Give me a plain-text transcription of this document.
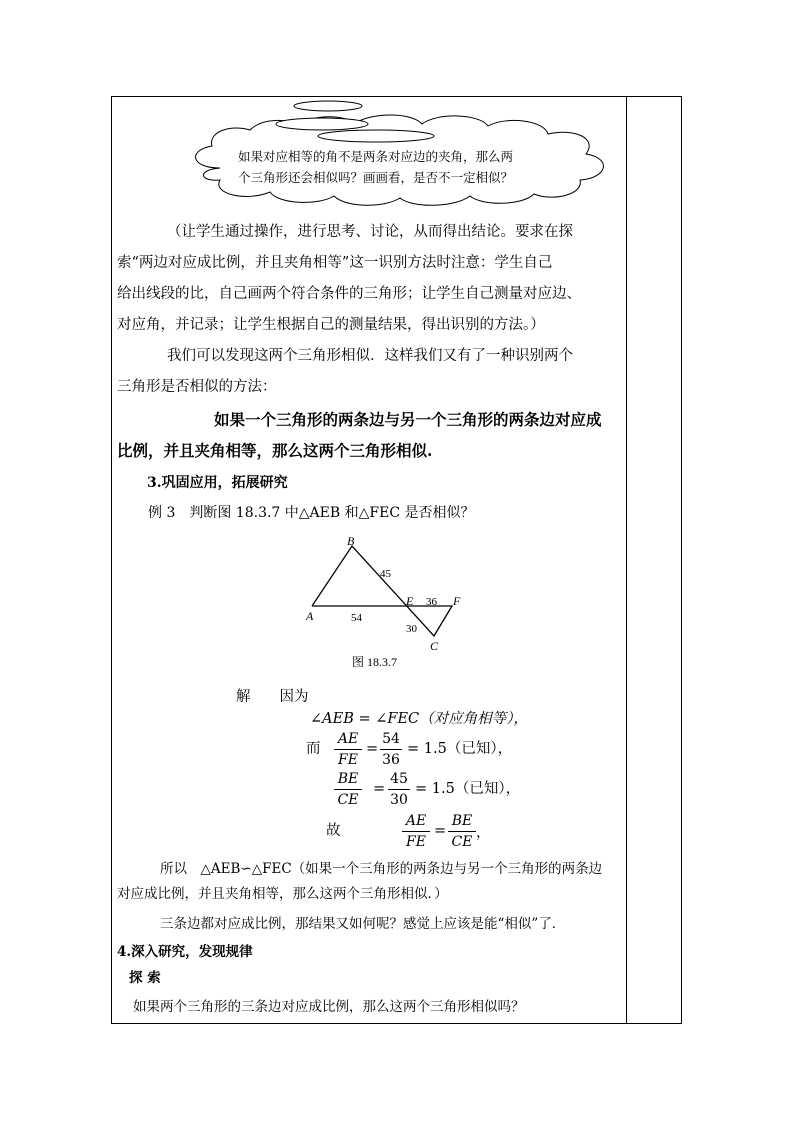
如果对应相等的角不是两条对应边的夹角，那么两
个三角形还会相似吗？画画看，是否不一定相似？
（让学生通过操作，进行思考、讨论，从而得出结论。要求在探
索“两边对应成比例，并且夹角相等”这一识别方法时注意：学生自己
给出线段的比，自己画两个符合条件的三角形；让学生自己测量对应边、
对应角，并记录；让学生根据自己的测量结果，得出识别的方法。）
我们可以发现这两个三角形相似．这样我们又有了一种识别两个
三角形是否相似的方法：
如果一个三角形的两条边与另一个三角形的两条边对应成
比例，并且夹角相等，那么这两个三角形相似.
3.巩固应用，拓展研究
例 3　判断图 18.3.7 中△AEB 和△FEC 是否相似？
B
A
E	F
C
45
54
36
30
图 18.3.7
解　　因为
∠AEB = ∠FEC（对应角相等），
而
AE
FE
=
54
36
= 1.5（已知），
BE
CE
=
45
30
= 1.5（已知），
故
AE
FE
=
BE
CE
，
所以　△AEB∽△FEC（如果一个三角形的两条边与另一个三角形的两条边
对应成比例，并且夹角相等，那么这两个三角形相似．）
三条边都对应成比例，那结果又如何呢？感觉上应该是能“相似”了．
4.深入研究，发现规律
探 索
如果两个三角形的三条边对应成比例，那么这两个三角形相似吗？
